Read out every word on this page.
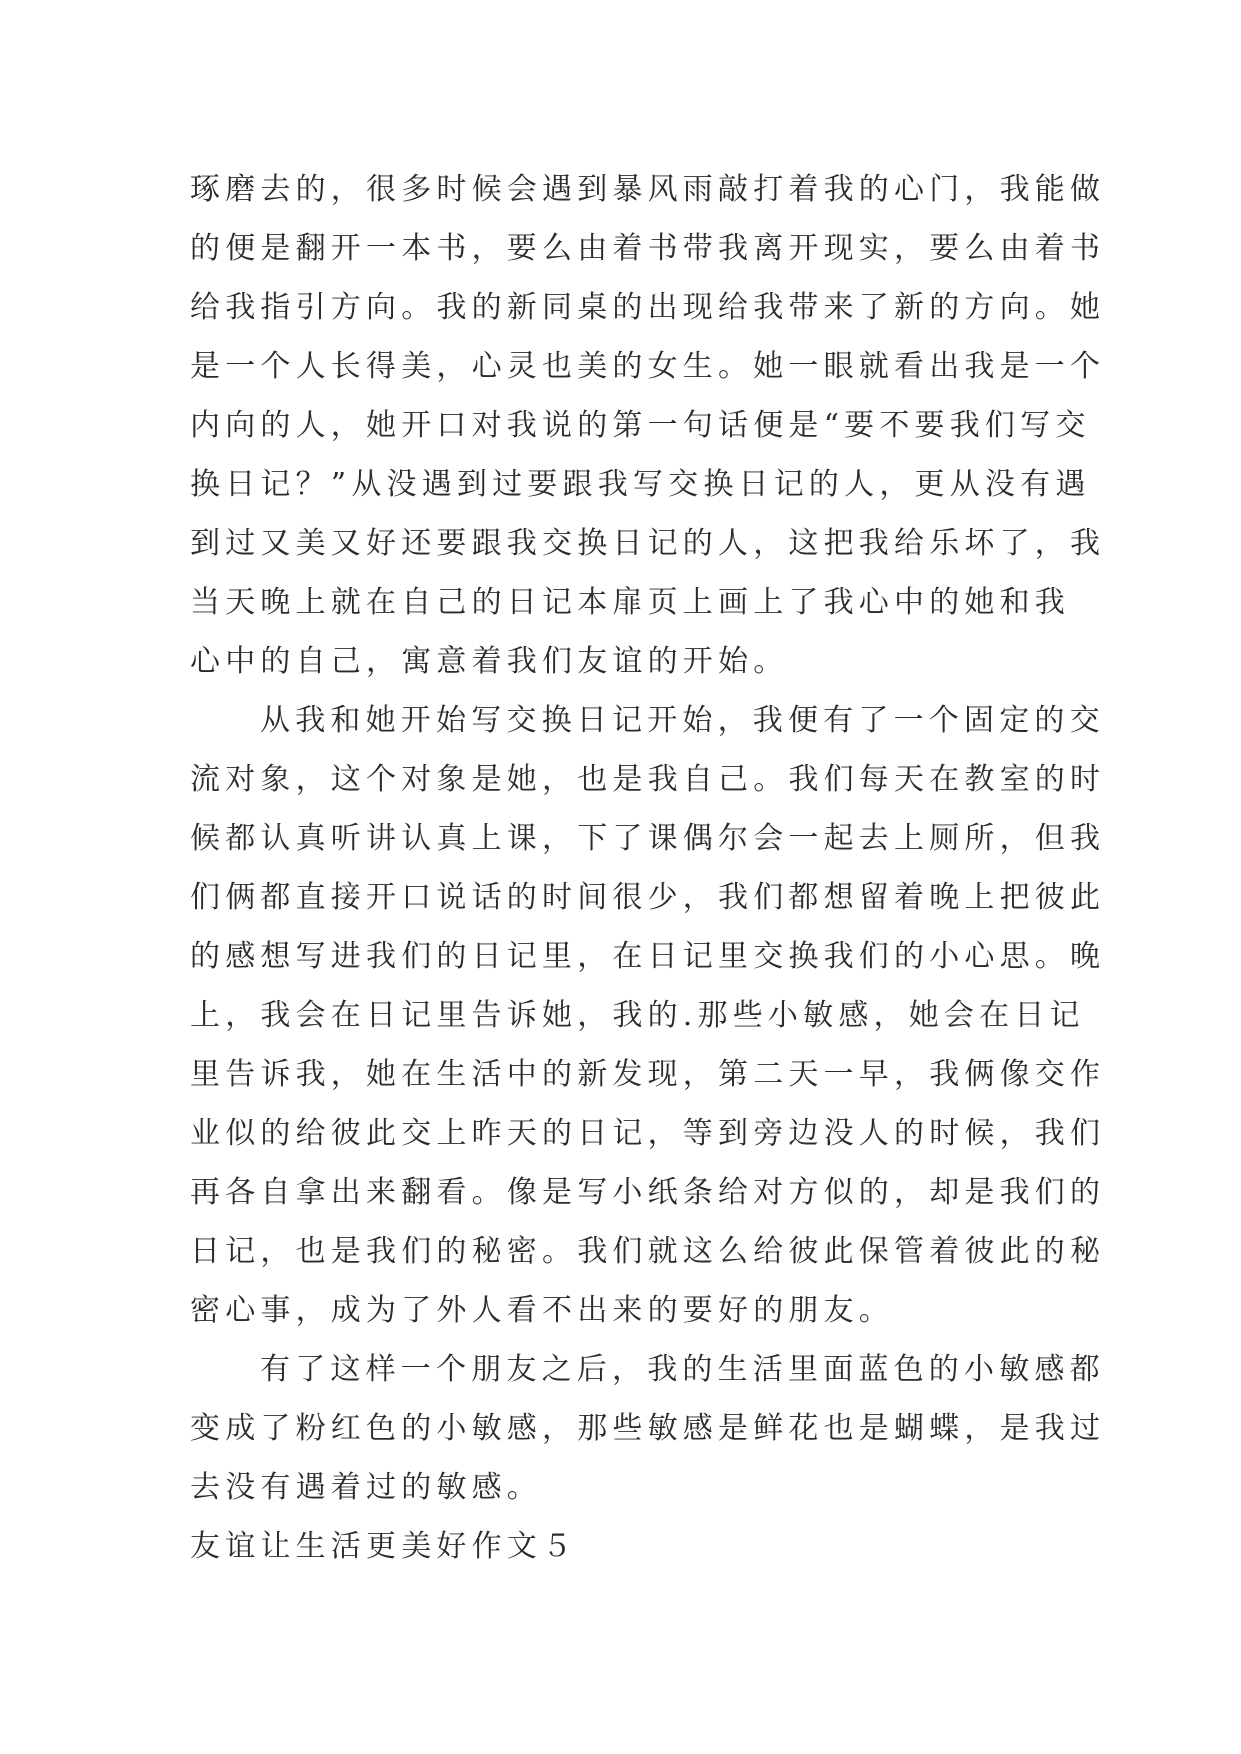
琢磨去的，很多时候会遇到暴风雨敲打着我的心门，我能做
的便是翻开一本书，要么由着书带我离开现实，要么由着书
给我指引方向。我的新同桌的出现给我带来了新的方向。她
是一个人长得美，心灵也美的女生。她一眼就看出我是一个
内向的人，她开口对我说的第一句话便是“要不要我们写交
换日记？”从没遇到过要跟我写交换日记的人，更从没有遇
到过又美又好还要跟我交换日记的人，这把我给乐坏了，我
当天晚上就在自己的日记本扉页上画上了我心中的她和我
心中的自己，寓意着我们友谊的开始。
从我和她开始写交换日记开始，我便有了一个固定的交
流对象，这个对象是她，也是我自己。我们每天在教室的时
候都认真听讲认真上课，下了课偶尔会一起去上厕所，但我
们俩都直接开口说话的时间很少，我们都想留着晚上把彼此
的感想写进我们的日记里，在日记里交换我们的小心思。晚
上，我会在日记里告诉她，我的.那些小敏感，她会在日记
里告诉我，她在生活中的新发现，第二天一早，我俩像交作
业似的给彼此交上昨天的日记，等到旁边没人的时候，我们
再各自拿出来翻看。像是写小纸条给对方似的，却是我们的
日记，也是我们的秘密。我们就这么给彼此保管着彼此的秘
密心事，成为了外人看不出来的要好的朋友。
有了这样一个朋友之后，我的生活里面蓝色的小敏感都
变成了粉红色的小敏感，那些敏感是鲜花也是蝴蝶，是我过
去没有遇着过的敏感。
友谊让生活更美好作文５
